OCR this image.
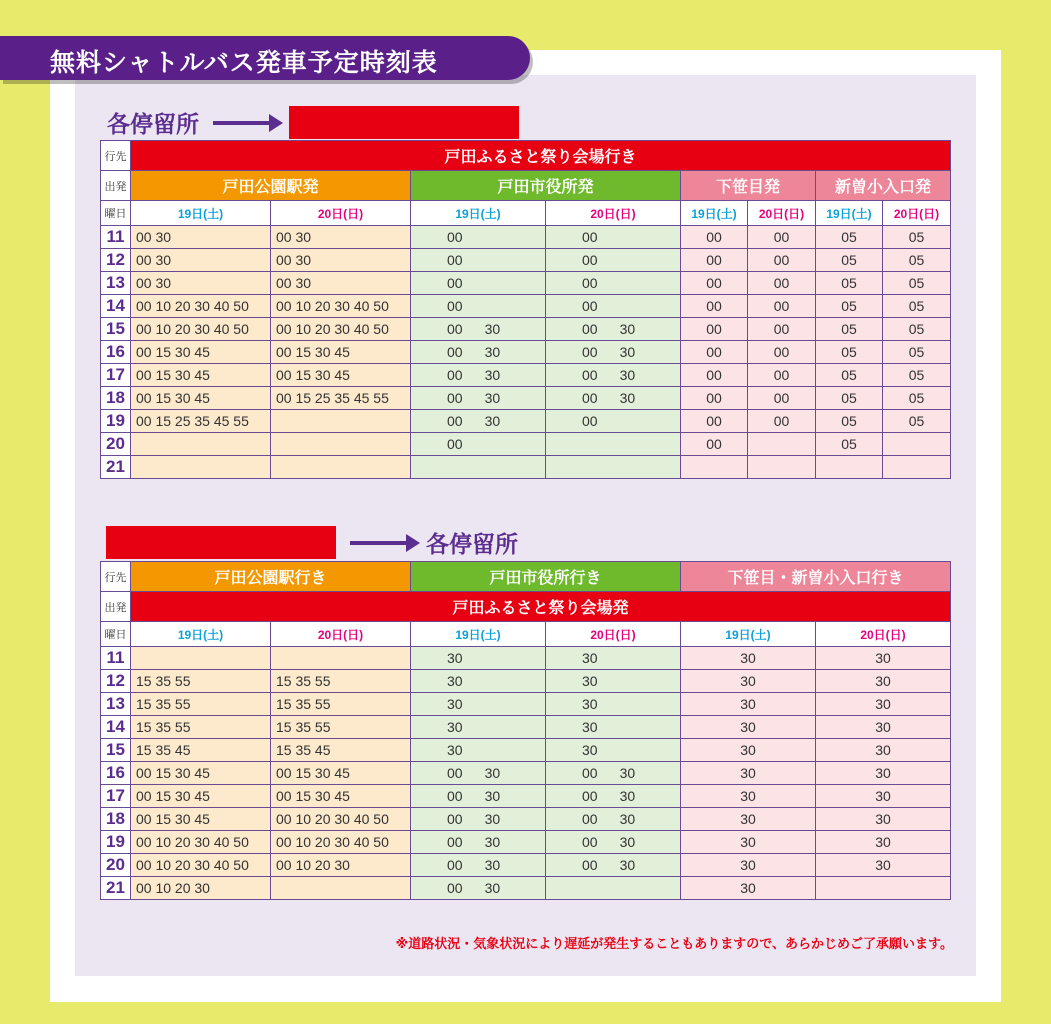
無料シャトルバス発車予定時刻表
各停留所	戸田ふるさと祭り会場
行先	戸田ふるさと祭り会場行き							
出発	戸田公園駅発		戸田市役所発		下笹目発		新曽小入口発	
曜日	19日(土)	20日(日)	19日(土)	20日(日)	19日(土)	20日(日)	19日(土)	20日(日)
11	00 30	00 30	00	00	00	00	05	05
12	00 30	00 30	00	00	00	00	05	05
13	00 30	00 30	00	00	00	00	05	05
14	00 10 20 30 40 50	00 10 20 30 40 50	00	00	00	00	05	05
15	00 10 20 30 40 50	00 10 20 30 40 50	00 30	00 30	00	00	05	05
16	00 15 30 45	00 15 30 45	00 30	00 30	00	00	05	05
17	00 15 30 45	00 15 30 45	00 30	00 30	00	00	05	05
18	00 15 30 45	00 15 25 35 45 55	00 30	00 30	00	00	05	05
19	00 15 25 35 45 55		00 30	00	00	00	05	05
20			00		00		05	
21								
戸田ふるさと祭り会場	各停留所
行先	戸田公園駅行き		戸田市役所行き		下笹目・新曽小入口行き	
出発	戸田ふるさと祭り会場発					
曜日	19日(土)	20日(日)	19日(土)	20日(日)	19日(土)	20日(日)
11			30	30	30	30
12	15 35 55	15 35 55	30	30	30	30
13	15 35 55	15 35 55	30	30	30	30
14	15 35 55	15 35 55	30	30	30	30
15	15 35 45	15 35 45	30	30	30	30
16	00 15 30 45	00 15 30 45	00 30	00 30	30	30
17	00 15 30 45	00 15 30 45	00 30	00 30	30	30
18	00 15 30 45	00 10 20 30 40 50	00 30	00 30	30	30
19	00 10 20 30 40 50	00 10 20 30 40 50	00 30	00 30	30	30
20	00 10 20 30 40 50	00 10 20 30	00 30	00 30	30	30
21	00 10 20 30		00 30		30	
※道路状況・気象状況により遅延が発生することもありますので、あらかじめご了承願います。
